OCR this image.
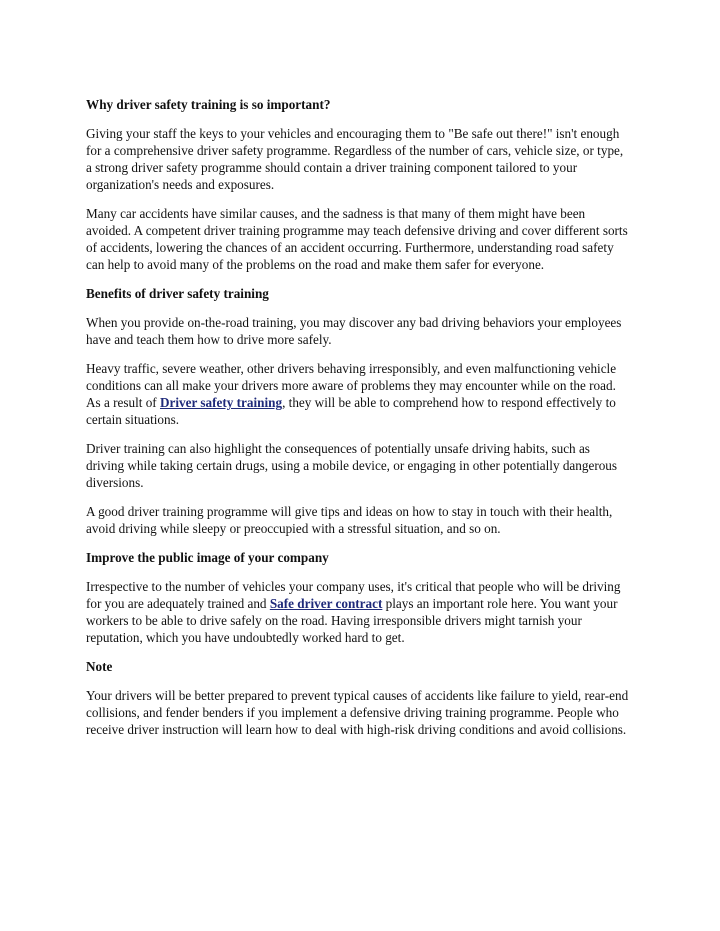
Why driver safety training is so important?

Giving your staff the keys to your vehicles and encouraging them to "Be safe out there!" isn't enough for a comprehensive driver safety programme. Regardless of the number of cars, vehicle size, or type, a strong driver safety programme should contain a driver training component tailored to your organization's needs and exposures.

Many car accidents have similar causes, and the sadness is that many of them might have been avoided. A competent driver training programme may teach defensive driving and cover different sorts of accidents, lowering the chances of an accident occurring. Furthermore, understanding road safety can help to avoid many of the problems on the road and make them safer for everyone.

Benefits of driver safety training

When you provide on-the-road training, you may discover any bad driving behaviors your employees have and teach them how to drive more safely.

Heavy traffic, severe weather, other drivers behaving irresponsibly, and even malfunctioning vehicle conditions can all make your drivers more aware of problems they may encounter while on the road. As a result of Driver safety training, they will be able to comprehend how to respond effectively to certain situations.

Driver training can also highlight the consequences of potentially unsafe driving habits, such as driving while taking certain drugs, using a mobile device, or engaging in other potentially dangerous diversions.

A good driver training programme will give tips and ideas on how to stay in touch with their health, avoid driving while sleepy or preoccupied with a stressful situation, and so on.

Improve the public image of your company

Irrespective to the number of vehicles your company uses, it's critical that people who will be driving for you are adequately trained and Safe driver contract plays an important role here. You want your workers to be able to drive safely on the road. Having irresponsible drivers might tarnish your reputation, which you have undoubtedly worked hard to get.

Note

Your drivers will be better prepared to prevent typical causes of accidents like failure to yield, rear-end collisions, and fender benders if you implement a defensive driving training programme. People who receive driver instruction will learn how to deal with high-risk driving conditions and avoid collisions.
